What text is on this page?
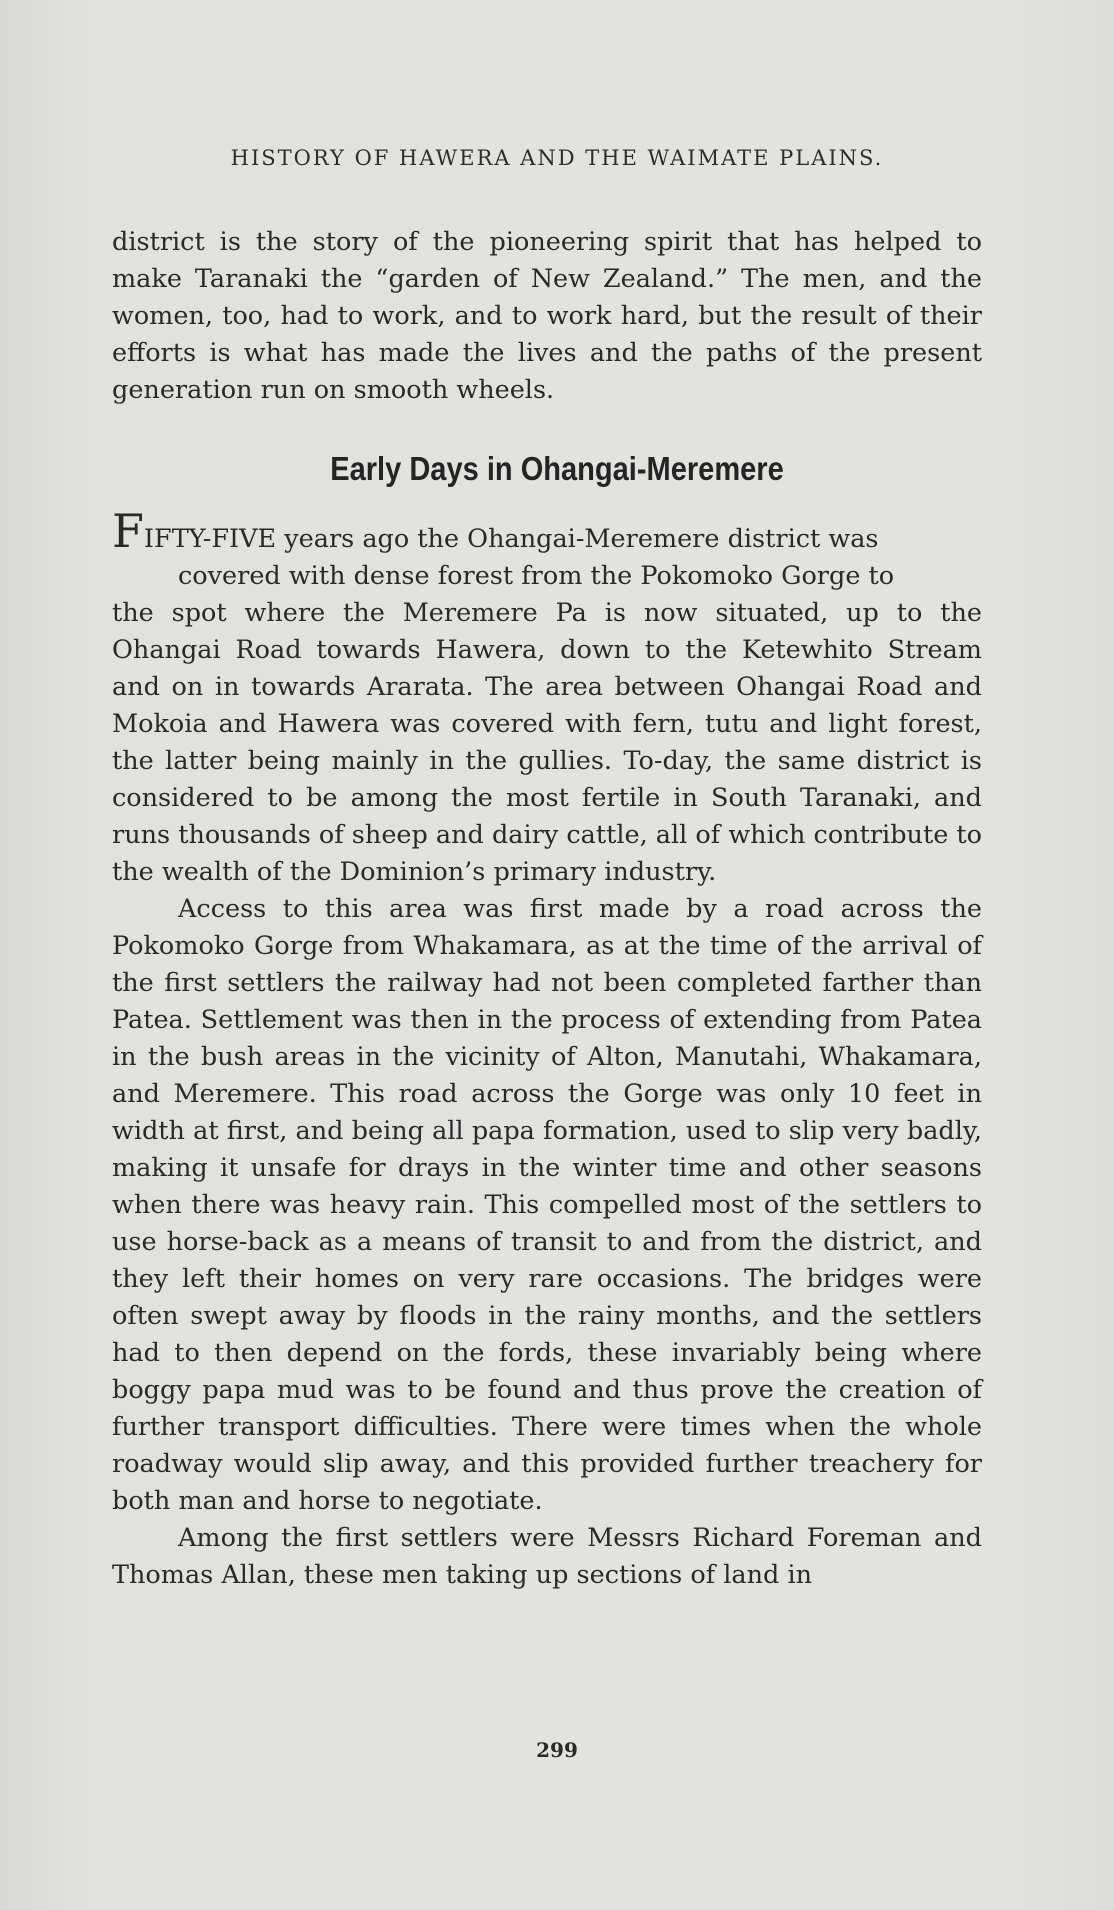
HISTORY OF HAWERA AND THE WAIMATE PLAINS.
district is the story of the pioneering spirit that has helped to make Taranaki the “garden of New Zealand.” The men, and the women, too, had to work, and to work hard, but the result of their efforts is what has made the lives and the paths of the present generation run on smooth wheels.
Early Days in Ohangai-Meremere
FIFTY-FIVE years ago the Ohangai-Meremere district was
covered with dense forest from the Pokomoko Gorge to

the spot where the Meremere Pa is now situated, up to the Ohangai Road towards Hawera, down to the Ketewhito Stream and on in towards Ararata. The area between Ohangai Road and Mokoia and Hawera was covered with fern, tutu and light forest, the latter being mainly in the gullies. To-day, the same district is considered to be among the most fertile in South Taranaki, and runs thousands of sheep and dairy cattle, all of which contribute to the wealth of the Dominion’s primary industry.

Access to this area was first made by a road across the Pokomoko Gorge from Whakamara, as at the time of the arrival of the first settlers the railway had not been completed farther than Patea. Settlement was then in the process of extending from Patea in the bush areas in the vicinity of Alton, Manutahi, Whakamara, and Meremere. This road across the Gorge was only 10 feet in width at first, and being all papa formation, used to slip very badly, making it unsafe for drays in the winter time and other seasons when there was heavy rain. This compelled most of the settlers to use horse-back as a means of transit to and from the district, and they left their homes on very rare occasions. The bridges were often swept away by floods in the rainy months, and the settlers had to then depend on the fords, these invariably being where boggy papa mud was to be found and thus prove the creation of further transport difficulties. There were times when the whole roadway would slip away, and this provided further treachery for both man and horse to negotiate.

Among the first settlers were Messrs Richard Foreman and Thomas Allan, these men taking up sections of land in

299
